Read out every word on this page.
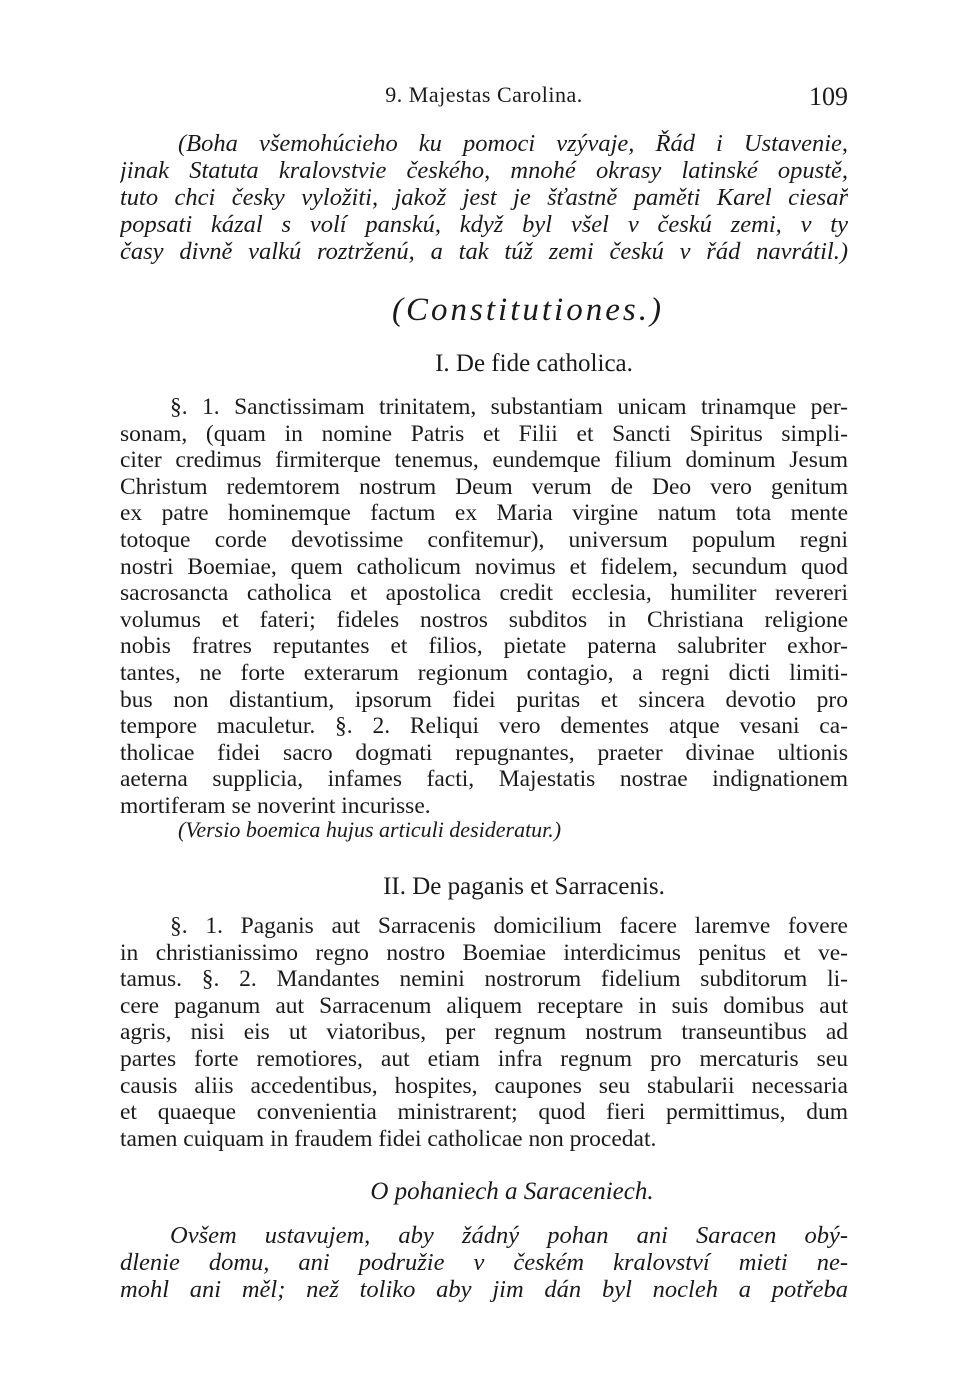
9. Majestas Carolina.	109
(Boha všemohúcieho ku pomoci vzývaje, Řád i Ustavenie,
jinak Statuta kralovstvie českého, mnohé okrasy latinské opustě,
tuto chci česky vyložiti, jakož jest je šťastně paměti Karel ciesař
popsati kázal s volí panskú, když byl všel v českú zemi, v ty
časy divně valkú roztrženú, a tak túž zemi českú v řád navrátil.)
(Constitutiones.)
I. De fide catholica.
§. 1. Sanctissimam trinitatem, substantiam unicam trinamque per-
sonam, (quam in nomine Patris et Filii et Sancti Spiritus simpli-
citer credimus firmiterque tenemus, eundemque filium dominum Jesum
Christum redemtorem nostrum Deum verum de Deo vero genitum
ex patre hominemque factum ex Maria virgine natum tota mente
totoque corde devotissime confitemur), universum populum regni
nostri Boemiae, quem catholicum novimus et fidelem, secundum quod
sacrosancta catholica et apostolica credit ecclesia, humiliter revereri
volumus et fateri; fideles nostros subditos in Christiana religione
nobis fratres reputantes et filios, pietate paterna salubriter exhor-
tantes, ne forte exterarum regionum contagio, a regni dicti limiti-
bus non distantium, ipsorum fidei puritas et sincera devotio pro
tempore maculetur. §. 2. Reliqui vero dementes atque vesani ca-
tholicae fidei sacro dogmati repugnantes, praeter divinae ultionis
aeterna supplicia, infames facti, Majestatis nostrae indignationem
mortiferam se noverint incurisse.
(Versio boemica hujus articuli desideratur.)
II. De paganis et Sarracenis.
§. 1. Paganis aut Sarracenis domicilium facere laremve fovere
in christianissimo regno nostro Boemiae interdicimus penitus et ve-
tamus. §. 2. Mandantes nemini nostrorum fidelium subditorum li-
cere paganum aut Sarracenum aliquem receptare in suis domibus aut
agris, nisi eis ut viatoribus, per regnum nostrum transeuntibus ad
partes forte remotiores, aut etiam infra regnum pro mercaturis seu
causis aliis accedentibus, hospites, caupones seu stabularii necessaria
et quaeque convenientia ministrarent; quod fieri permittimus, dum
tamen cuiquam in fraudem fidei catholicae non procedat.
O pohaniech a Saraceniech.
Ovšem ustavujem, aby žádný pohan ani Saracen obý-
dlenie domu, ani podružie v českém kralovství mieti ne-
mohl ani měl; než toliko aby jim dán byl nocleh a potřeba
